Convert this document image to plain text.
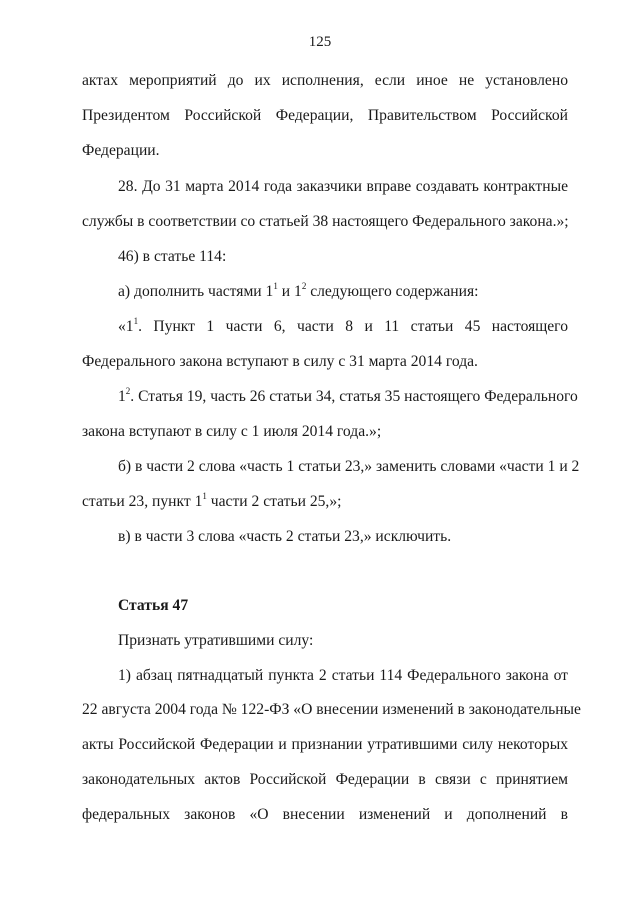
125
актах мероприятий до их исполнения, если иное не установлено
Президентом Российской Федерации, Правительством Российской
Федерации.
28. До 31 марта 2014 года заказчики вправе создавать контрактные
службы в соответствии со статьей 38 настоящего Федерального закона.»;
46) в статье 114:
а) дополнить частями $1^1$ и $1^2$ следующего содержания:
«$1^1$. Пункт 1 части 6, части 8 и 11 статьи 45 настоящего
Федерального закона вступают в силу с 31 марта 2014 года.
$1^2$. Статья 19, часть 26 статьи 34, статья 35 настоящего Федерального
закона вступают в силу с 1 июля 2014 года.»;
б) в части 2 слова «часть 1 статьи 23,» заменить словами «части 1 и 2
статьи 23, пункт $1^1$ части 2 статьи 25,»;
в) в части 3 слова «часть 2 статьи 23,» исключить.
Статья 47
Признать утратившими силу:
1) абзац пятнадцатый пункта 2 статьи 114 Федерального закона от
22 августа 2004 года № 122-ФЗ «О внесении изменений в законодательные
акты Российской Федерации и признании утратившими силу некоторых
законодательных актов Российской Федерации в связи с принятием
федеральных законов «О внесении изменений и дополнений в
